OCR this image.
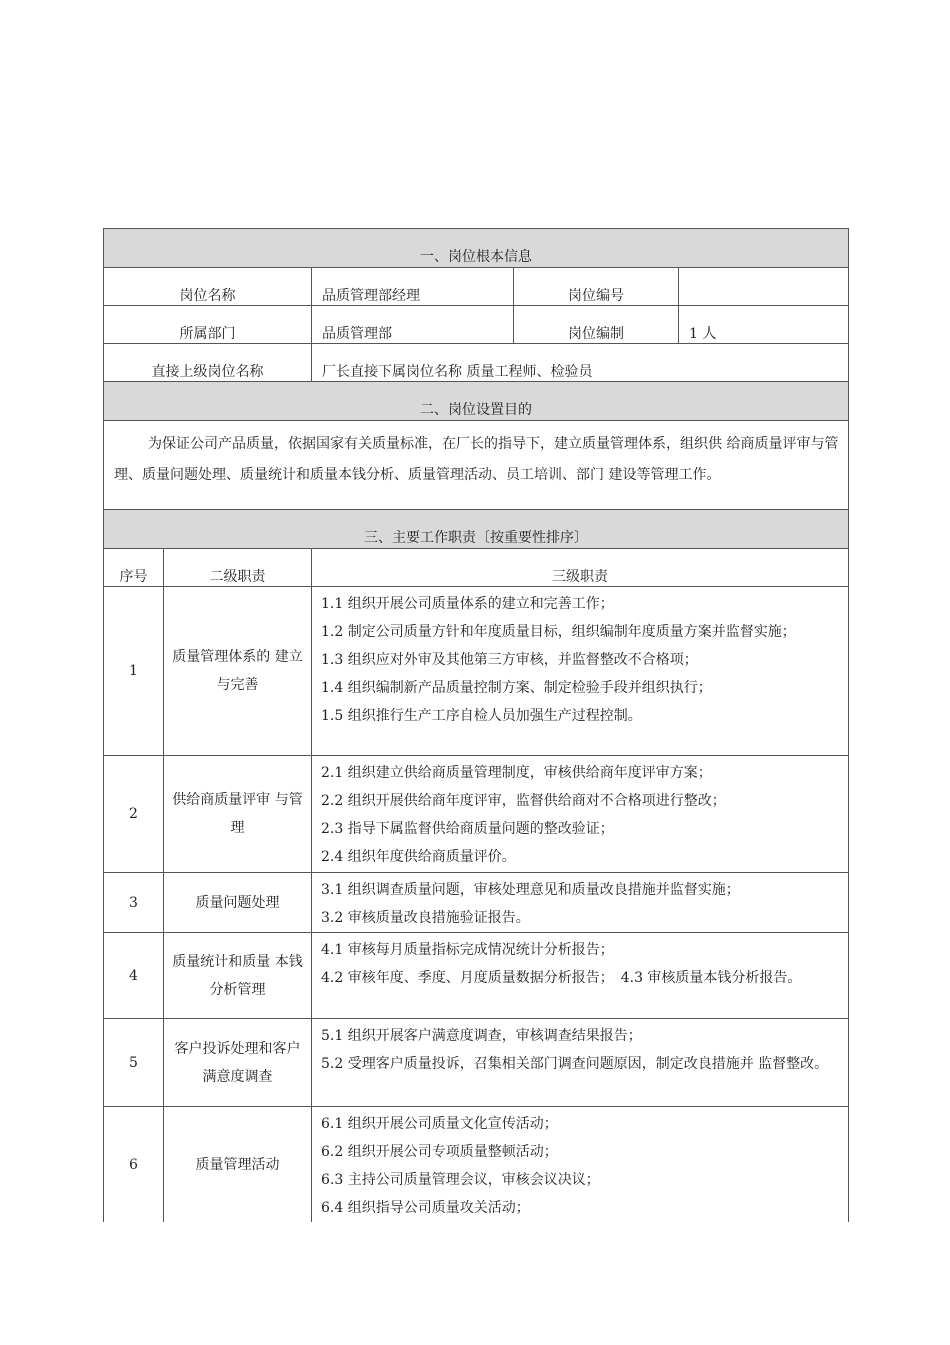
一、岗位根本信息				
岗位名称		品质管理部经理	岗位编号	
所属部门		品质管理部	岗位编制	1 人
直接上级岗位名称		厂长直接下属岗位名称 质量工程师、检验员		
二、岗位设置目的				
为保证公司产品质量，依据国家有关质量标准，在厂长的指导下，建立质量管理体系，组织供 给商质量评审与管理、质量问题处理、质量统计和质量本钱分析、质量管理活动、员工培训、部门 建设等管理工作。				
三、主要工作职责〔按重要性排序〕				
序号	二级职责	三级职责		
1	质量管理体系的 建立与完善	1.1 组织开展公司质量体系的建立和完善工作；
1.2 制定公司质量方针和年度质量目标，组织编制年度质量方案并监督实施；
1.3 组织应对外审及其他第三方审核，并监督整改不合格项；
1.4 组织编制新产品质量控制方案、制定检验手段并组织执行；
1.5 组织推行生产工序自检人员加强生产过程控制。		

2	供给商质量评审 与管理	2.1 组织建立供给商质量管理制度，审核供给商年度评审方案；
2.2 组织开展供给商年度评审，监督供给商对不合格项进行整改；
2.3 指导下属监督供给商质量问题的整改验证；
2.4 组织年度供给商质量评价。		

3	质量问题处理	3.1 组织调查质量问题，审核处理意见和质量改良措施并监督实施；
3.2 审核质量改良措施验证报告。		

4	质量统计和质量 本钱分析管理	4.1 审核每月质量指标完成情况统计分析报告；
4.2 审核年度、季度、月度质量数据分析报告；　4.3 审核质量本钱分析报告。		

5	客户投诉处理和客户满意度调查	5.1 组织开展客户满意度调查，审核调查结果报告；
5.2 受理客户质量投诉，召集相关部门调查问题原因，制定改良措施并 监督整改。		

6	质量管理活动	6.1 组织开展公司质量文化宣传活动；
6.2 组织开展公司专项质量整顿活动；
6.3 主持公司质量管理会议，审核会议决议；
6.4 组织指导公司质量攻关活动；		
